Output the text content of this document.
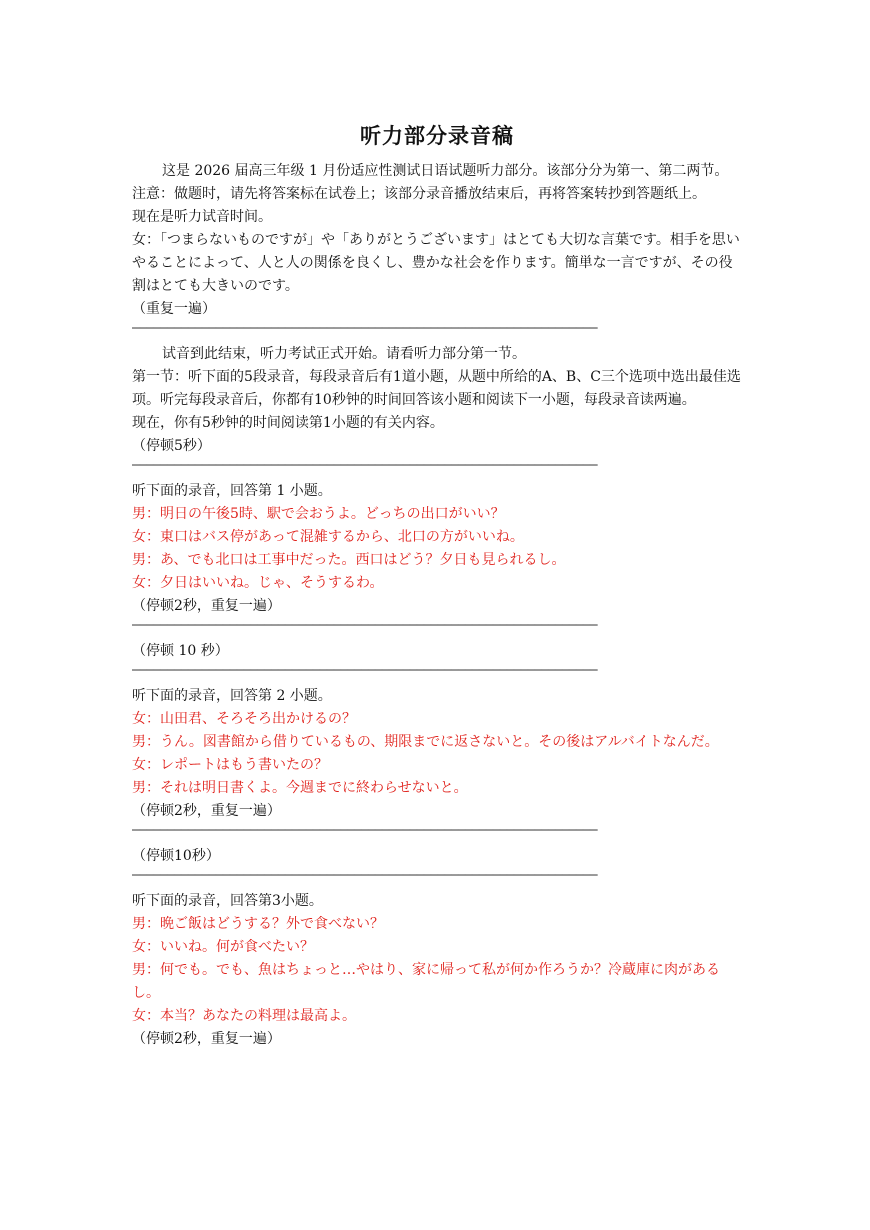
听力部分录音稿

这是 2026 届高三年级 1 月份适应性测试日语试题听力部分。该部分分为第一、第二两节。

注意：做题时，请先将答案标在试卷上；该部分录音播放结束后，再将答案转抄到答题纸上。

现在是听力试音时间。

女：「つまらないものですが」や「ありがとうございます」はとても大切な言葉です。相手を思いやることによって、人と人の関係を良くし、豊かな社会を作ります。簡単な一言ですが、その役割はとても大きいのです。

（重复一遍）

———————————————————————————————————————————————————————————————————

试音到此结束，听力考试正式开始。请看听力部分第一节。

第一节：听下面的5段录音，每段录音后有1道小题，从题中所给的A、B、C三个选项中选出最佳选项。听完每段录音后，你都有10秒钟的时间回答该小题和阅读下一小题，每段录音读两遍。

现在，你有5秒钟的时间阅读第1小题的有关内容。

（停顿5秒）

———————————————————————————————————————————————————————————————————

听下面的录音，回答第 1 小题。

男：明日の午後5時、駅で会おうよ。どっちの出口がいい？

女：東口はバス停があって混雑するから、北口の方がいいね。

男：あ、でも北口は工事中だった。西口はどう？夕日も見られるし。

女：夕日はいいね。じゃ、そうするわ。

（停顿2秒，重复一遍）

———————————————————————————————————————————————————————————————————

（停顿 10 秒）

———————————————————————————————————————————————————————————————————

听下面的录音，回答第 2 小题。

女：山田君、そろそろ出かけるの？

男：うん。図書館から借りているもの、期限までに返さないと。その後はアルバイトなんだ。

女：レポートはもう書いたの？

男：それは明日書くよ。今週までに終わらせないと。

（停顿2秒，重复一遍）

———————————————————————————————————————————————————————————————————

（停顿10秒）

———————————————————————————————————————————————————————————————————

听下面的录音，回答第3小题。

男：晩ご飯はどうする？外で食べない？

女：いいね。何が食べたい？

男：何でも。でも、魚はちょっと…やはり、家に帰って私が何か作ろうか？冷蔵庫に肉があるし。

女：本当？あなたの料理は最高よ。

（停顿2秒，重复一遍）
